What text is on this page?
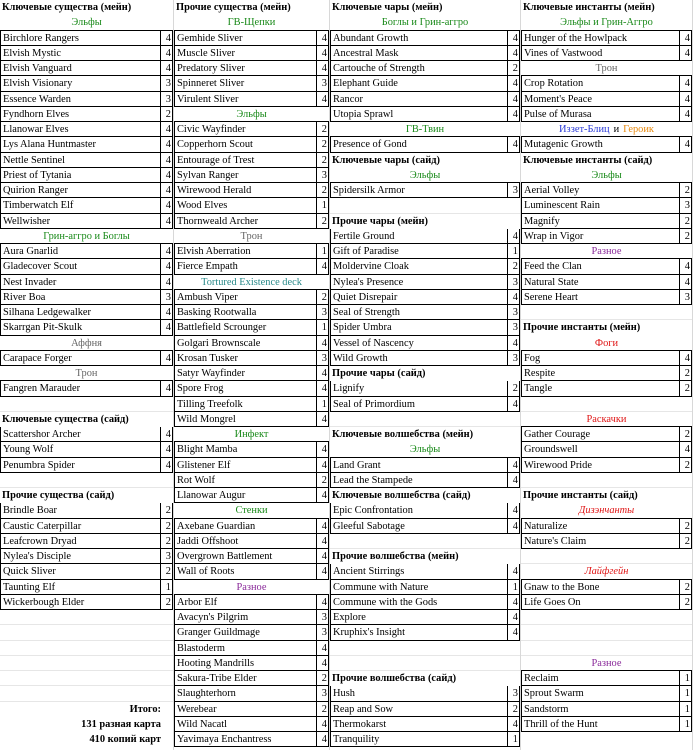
Ключевые существа (мейн)
Эльфы
Birchlore Rangers	4
Elvish Mystic	4
Elvish Vanguard	4
Elvish Visionary	3
Essence Warden	3
Fyndhorn Elves	2
Llanowar Elves	4
Lys Alana Huntmaster	4
Nettle Sentinel	4
Priest of Tytania	4
Quirion Ranger	4
Timberwatch Elf	4
Wellwisher	4
Грин-аггро и Боглы
Aura Gnarlid	4
Gladecover Scout	4
Nest Invader	4
River Boa	3
Silhana Ledgewalker	4
Skarrgan Pit-Skulk	4
Аффня
Carapace Forger	4
Трон
Fangren Marauder	4
Ключевые существа (сайд)
Scattershor Archer	4
Young Wolf	4
Penumbra Spider	4
Прочие существа (сайд)
Brindle Boar	2
Caustic Caterpillar	2
Leafcrown Dryad	2
Nylea's Disciple	3
Quick Sliver	2
Taunting Elf	1
Wickerbough Elder	2
Итого:
131 разная карта
410 копий карт
Прочие существа (мейн)
ГВ-Щепки
Gemhide Sliver	4
Muscle Sliver	4
Predatory Sliver	4
Spinneret Sliver	3
Virulent Sliver	4
Эльфы
Civic Wayfinder	2
Copperhorn Scout	2
Entourage of Trest	2
Sylvan Ranger	3
Wirewood Herald	2
Wood Elves	1
Thornweald Archer	2
Трон
Elvish Aberration	1
Fierce Empath	4
Tortured Existence deck
Ambush Viper	2
Basking Rootwalla	3
Battlefield Scrounger	1
Golgari Brownscale	4
Krosan Tusker	3
Satyr Wayfinder	4
Spore Frog	4
Tilling Treefolk	1
Wild Mongrel	4
Инфект
Blight Mamba	4
Glistener Elf	4
Rot Wolf	2
Llanowar Augur	4
Стенки
Axebane Guardian	4
Jaddi Offshoot	4
Overgrown Battlement	4
Wall of Roots	4
Разное
Arbor Elf	4
Avacyn's Pilgrim	3
Granger Guildmage	3
Blastoderm	4
Hooting Mandrills	4
Sakura-Tribe Elder	2
Slaughterhorn	3
Werebear	2
Wild Nacatl	4
Yavimaya Enchantress	4
Ключевые чары (мейн)
Боглы и Грин-аггро
Abundant Growth	4
Ancestral Mask	4
Cartouche of Strength	2
Elephant Guide	4
Rancor	4
Utopia Sprawl	4
ГВ-Твин
Presence of Gond	4
Ключевые чары (сайд)
Эльфы
Spidersilk Armor	3
Прочие чары (мейн)
Fertile Ground	4
Gift of Paradise	1
Moldervine Cloak	2
Nylea's Presence	3
Quiet Disrepair	4
Seal of Strength	3
Spider Umbra	3
Vessel of Nascency	4
Wild Growth	3
Прочие чары (сайд)
Lignify	2
Seal of Primordium	4
Ключевые волшебства (мейн)
Эльфы
Land Grant	4
Lead the Stampede	4
Ключевые волшебства (сайд)
Epic Confrontation	4
Gleeful Sabotage	4
Прочие волшебства (мейн)
Ancient Stirrings	4
Commune with Nature	1
Commune with the Gods	4
Explore	4
Kruphix's Insight	4
Прочие волшебства (сайд)
Hush	3
Reap and Sow	2
Thermokarst	4
Tranquility	1
Ключевые инстанты (мейн)
Эльфы и Грин-Аггро
Hunger of the Howlpack	4
Vines of Vastwood	4
Трон
Crop Rotation	4
Moment's Peace	4
Pulse of Murasa	4
Иззет-Блиц и Героик
Mutagenic Growth	4
Ключевые инстанты (сайд)
Эльфы
Aerial Volley	2
Luminescent Rain	3
Magnify	2
Wrap in Vigor	2
Разное
Feed the Clan	4
Natural State	4
Serene Heart	3
Прочие инстанты (мейн)
Фоги
Fog	4
Respite	2
Tangle	2
Раскачки
Gather Courage	2
Groundswell	4
Wirewood Pride	2
Прочие инстанты (сайд)
Дизэнчанты
Naturalize	2
Nature's Claim	2
Лайфгейн
Gnaw to the Bone	2
Life Goes On	2
Разное
Reclaim	1
Sprout Swarm	1
Sandstorm	1
Thrill of the Hunt	1
